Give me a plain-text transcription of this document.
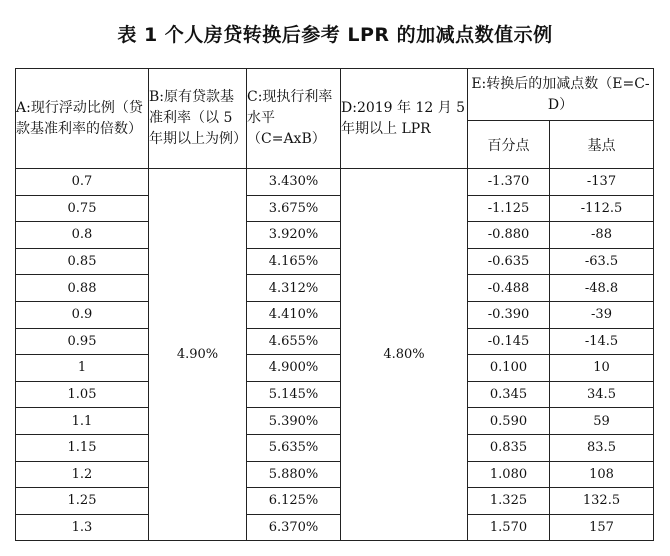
表 1 个人房贷转换后参考 LPR 的加减点数值示例
A:现行浮动比例（贷款基准利率的倍数）	B:原有贷款基准利率（以 5 年期以上为例）	C:现执行利率水平（C=AxB）	D:2019 年 12 月 5 年期以上 LPR	E:转换后的加减点数（E=C-D）	
				百分点	基点
0.7	4.90%	3.430%	4.80%	-1.370	-137
0.75		3.675%		-1.125	-112.5
0.8		3.920%		-0.880	-88
0.85		4.165%		-0.635	-63.5
0.88		4.312%		-0.488	-48.8
0.9		4.410%		-0.390	-39
0.95		4.655%		-0.145	-14.5
1		4.900%		0.100	10
1.05		5.145%		0.345	34.5
1.1		5.390%		0.590	59
1.15		5.635%		0.835	83.5
1.2		5.880%		1.080	108
1.25		6.125%		1.325	132.5
1.3		6.370%		1.570	157
